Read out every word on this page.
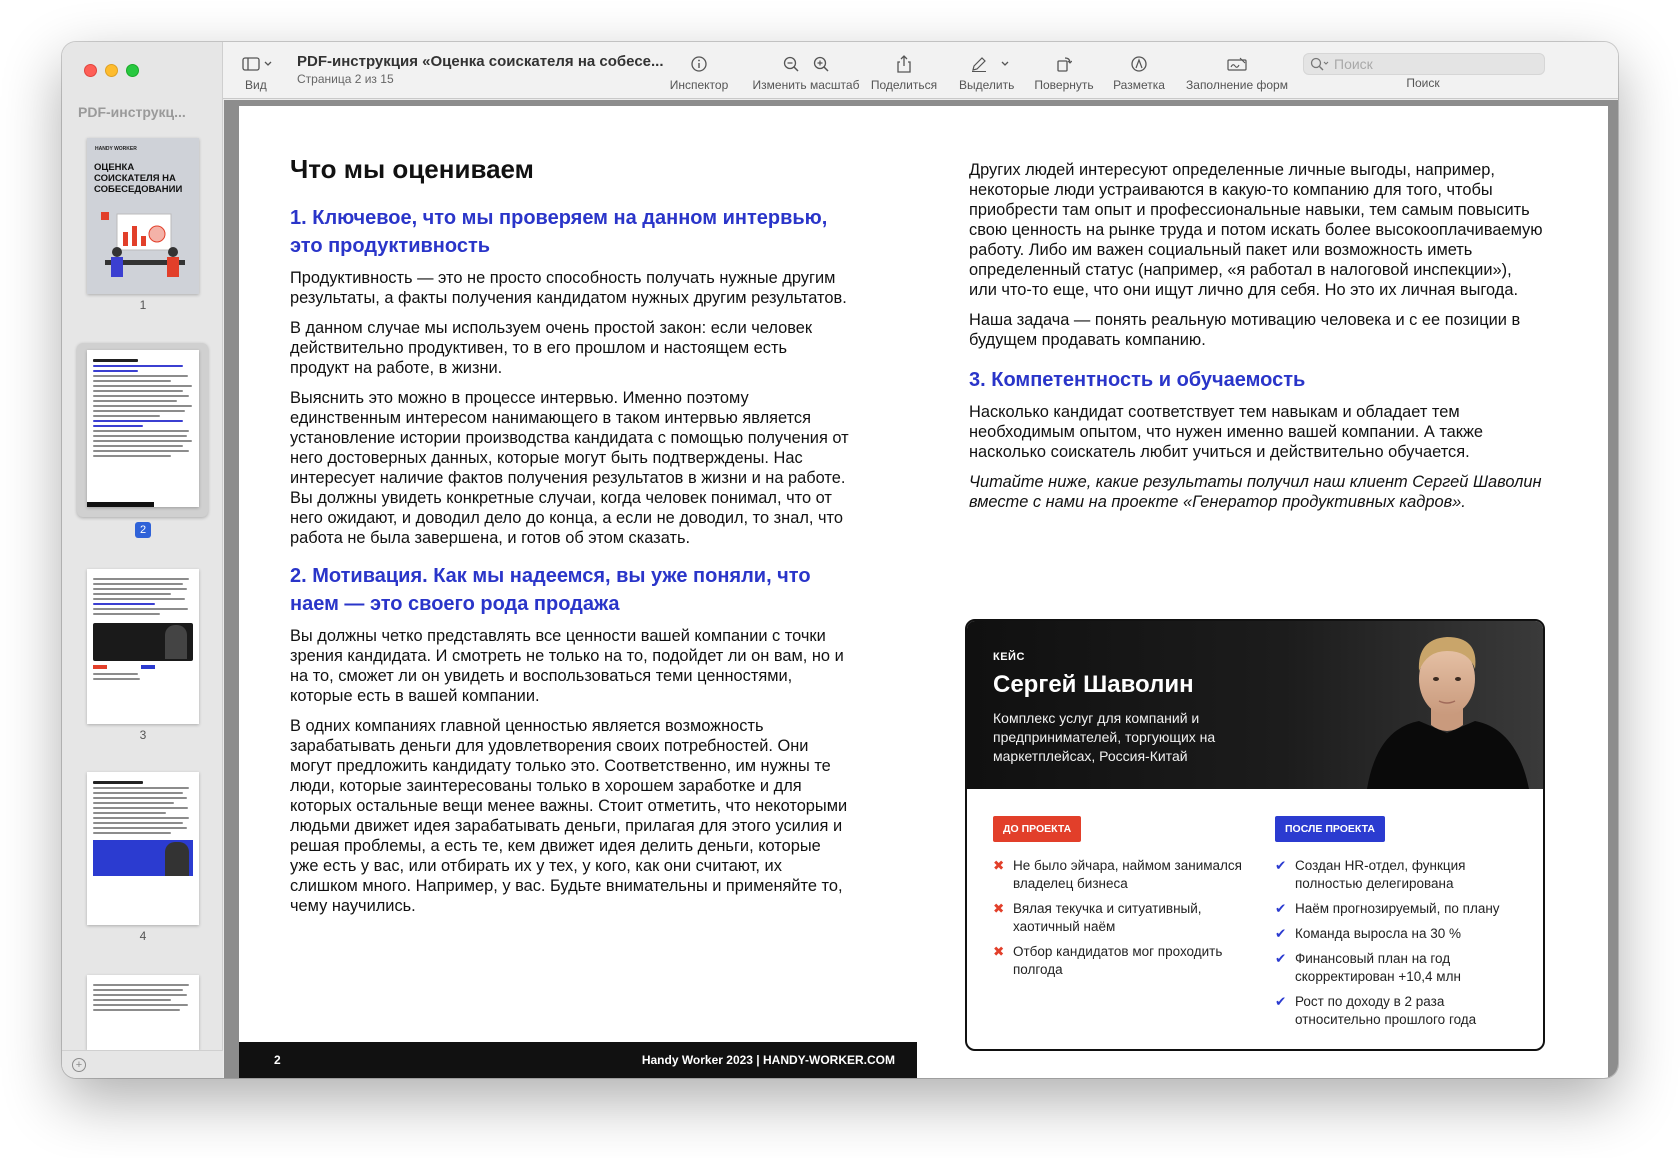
PDF-инструкц...
HANDY WORKER
ОЦЕНКА СОИСКАТЕЛЯ НА СОБЕСЕДОВАНИИ
1
2
3
4
+
Вид
PDF-инструкция «Оценка соискателя на собесе...
Страница 2 из 15	Инспектор	Изменить масштаб Поделиться	Выделить	Повернуть	Разметка	Заполнение форм
Поиск	Поиск
Что мы оцениваем
1. Ключевое, что мы проверяем на данном интервью, это продуктивность

Продуктивность — это не просто способность получать нужные другим результаты, а факты получения кандидатом нужных другим результатов.

В данном случае мы используем очень простой закон: если человек действительно продуктивен, то в его прошлом и настоящем есть продукт на работе, в жизни.

Выяснить это можно в процессе интервью. Именно поэтому единственным интересом нанимающего в таком интервью является установление истории производства кандидата с помощью получения от него достоверных данных, которые могут быть подтверждены. Нас интересует наличие фактов получения результатов в жизни и на работе. Вы должны увидеть конкретные случаи, когда человек понимал, что от него ожидают, и доводил дело до конца, а если не доводил, то знал, что работа не была завершена, и готов об этом сказать.

2. Мотивация. Как мы надеемся, вы уже поняли, что наем — это своего рода продажа

Вы должны четко представлять все ценности вашей компании с точки зрения кандидата. И смотреть не только на то, подойдет ли он вам, но и на то, сможет ли он увидеть и воспользоваться теми ценностями, которые есть в вашей компании.

В одних компаниях главной ценностью является возможность зарабатывать деньги для удовлетворения своих потребностей. Они могут предложить кандидату только это. Соответственно, им нужны те люди, которые заинтересованы только в хорошем заработке и для которых остальные вещи менее важны. Стоит отметить, что некоторыми людьми движет идея зарабатывать деньги, прилагая для этого усилия и решая проблемы, а есть те, кем движет идея делить деньги, которые уже есть у вас, или отбирать их у тех, у кого, как они считают, их слишком много. Например, у вас. Будьте внимательны и применяйте то, чему научились.

2	Handy Worker 2023 | HANDY-WORKER.COM

Других людей интересуют определенные личные выгоды, например, некоторые люди устраиваются в какую-то компанию для того, чтобы приобрести там опыт и профессиональные навыки, тем самым повысить свою ценность на рынке труда и потом искать более высокооплачиваемую работу. Либо им важен социальный пакет или возможность иметь определенный статус (например, «я работал в налоговой инспекции»), или что-то еще, что они ищут лично для себя. Но это их личная выгода.

Наша задача — понять реальную мотивацию человека и с ее позиции в будущем продавать компанию.

3. Компетентность и обучаемость

Насколько кандидат соответствует тем навыкам и обладает тем необходимым опытом, что нужен именно вашей компании. А также насколько соискатель любит учиться и действительно обучается.

Читайте ниже, какие результаты получил наш клиент Сергей Шаволин вместе с нами на проекте «Генератор продуктивных кадров».

КЕЙС
Сергей Шаволин
Комплекс услуг для компаний и предпринимателей, торгующих на маркетплейсах, Россия-Китай
ДО ПРОЕКТА	ПОСЛЕ ПРОЕКТА
✖ Не было эйчара, наймом занимался владелец бизнеса
✖ Вялая текучка и ситуативный, хаотичный наём
✖ Отбор кандидатов мог проходить полгода
✔ Создан HR-отдел, функция полностью делегирована
✔ Наём прогнозируемый, по плану
✔ Команда выросла на 30 %
✔ Финансовый план на год скорректирован +10,4 млн
✔ Рост по доходу в 2 раза относительно прошлого года
